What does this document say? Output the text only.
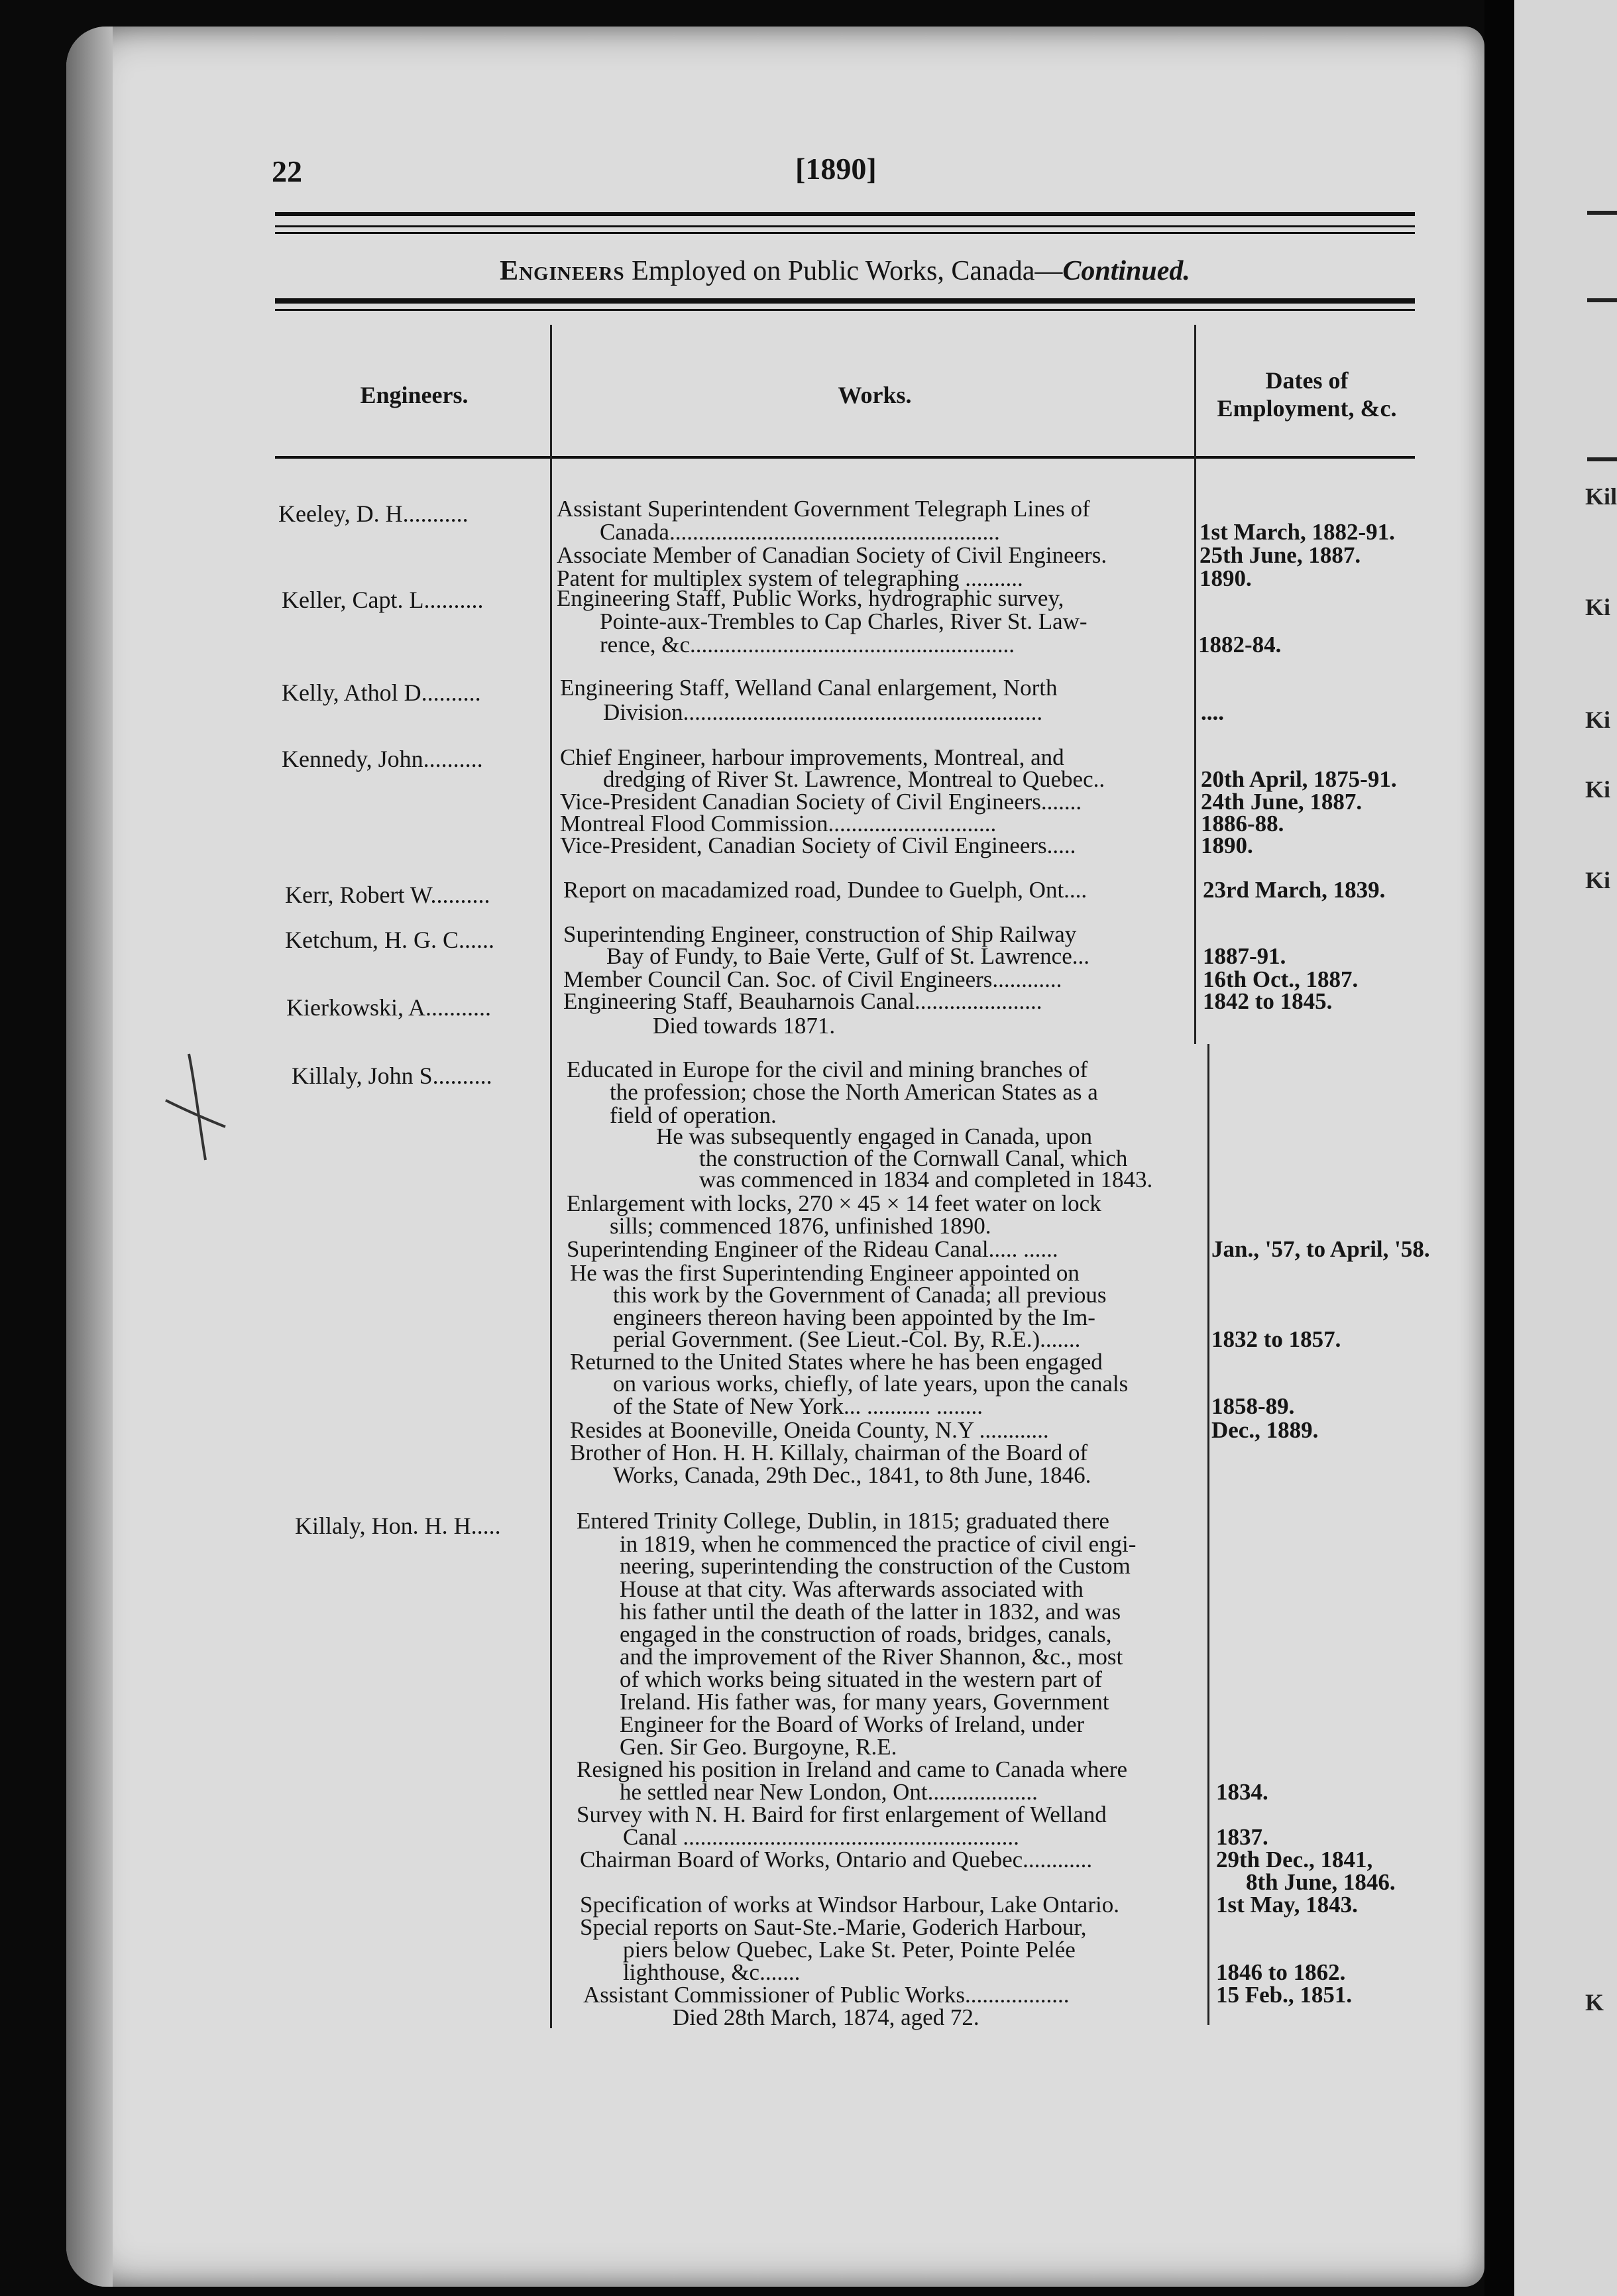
Kil
Ki
Ki
Ki
Ki
K
22	[1890]
Engineers Employed on Public Works, Canada—Continued.
Engineers.	Works.
Dates of
Employment, &c.
Keeley, D. H...........
Keller, Capt. L..........
Kelly, Athol D..........
Kennedy, John..........
Kerr, Robert W..........
Ketchum, H. G. C......
Kierkowski, A...........
Killaly, John S..........
Killaly, Hon. H. H.....
Assistant Superintendent Government Telegraph Lines of
Canada.........................................................
Associate Member of Canadian Society of Civil Engineers.
Patent for multiplex system of telegraphing ..........
Engineering Staff, Public Works, hydrographic survey,
Pointe-aux-Trembles to Cap Charles, River St. Law-
rence, &c........................................................
Engineering Staff, Welland Canal enlargement, North
Division..............................................................
Chief Engineer, harbour improvements, Montreal, and
dredging of River St. Lawrence, Montreal to Quebec..
Vice-President Canadian Society of Civil Engineers.......
Montreal Flood Commission.............................
Vice-President, Canadian Society of Civil Engineers.....
Report on macadamized road, Dundee to Guelph, Ont....
Superintending Engineer, construction of Ship Railway
Bay of Fundy, to Baie Verte, Gulf of St. Lawrence...
Member Council Can. Soc. of Civil Engineers............
Engineering Staff, Beauharnois Canal......................
Died towards 1871.
Educated in Europe for the civil and mining branches of
the profession; chose the North American States as a
field of operation.
He was subsequently engaged in Canada, upon
the construction of the Cornwall Canal, which
was commenced in 1834 and completed in 1843.
Enlargement with locks, 270 × 45 × 14 feet water on lock
sills; commenced 1876, unfinished 1890.
Superintending Engineer of the Rideau Canal..... ......
He was the first Superintending Engineer appointed on
this work by the Government of Canada; all previous
engineers thereon having been appointed by the Im-
perial Government. (See Lieut.-Col. By, R.E.).......
Returned to the United States where he has been engaged
on various works, chiefly, of late years, upon the canals
of the State of New York... ........... ........
Resides at Booneville, Oneida County, N.Y ............
Brother of Hon. H. H. Killaly, chairman of the Board of
Works, Canada, 29th Dec., 1841, to 8th June, 1846.
Entered Trinity College, Dublin, in 1815; graduated there
in 1819, when he commenced the practice of civil engi-
neering, superintending the construction of the Custom
House at that city. Was afterwards associated with
his father until the death of the latter in 1832, and was
engaged in the construction of roads, bridges, canals,
and the improvement of the River Shannon, &c., most
of which works being situated in the western part of
Ireland. His father was, for many years, Government
Engineer for the Board of Works of Ireland, under
Gen. Sir Geo. Burgoyne, R.E.
Resigned his position in Ireland and came to Canada where
he settled near New London, Ont...................
Survey with N. H. Baird for first enlargement of Welland
Canal ..........................................................
Chairman Board of Works, Ontario and Quebec............
Specification of works at Windsor Harbour, Lake Ontario.
Special reports on Saut-Ste.-Marie, Goderich Harbour,
piers below Quebec, Lake St. Peter, Pointe Pelée
lighthouse, &c.......
Assistant Commissioner of Public Works..................
Died 28th March, 1874, aged 72.
1st March, 1882-91.
25th June, 1887.
1890.
1882-84.
....
20th April, 1875-91.
24th June, 1887.
1886-88.
1890.
23rd March, 1839.
1887-91.
16th Oct., 1887.
1842 to 1845.
Jan., '57, to April, '58.
1832 to 1857.
1858-89.
Dec., 1889.
1834.
1837.
29th Dec., 1841,
8th June, 1846.
1st May, 1843.
1846 to 1862.
15 Feb., 1851.
